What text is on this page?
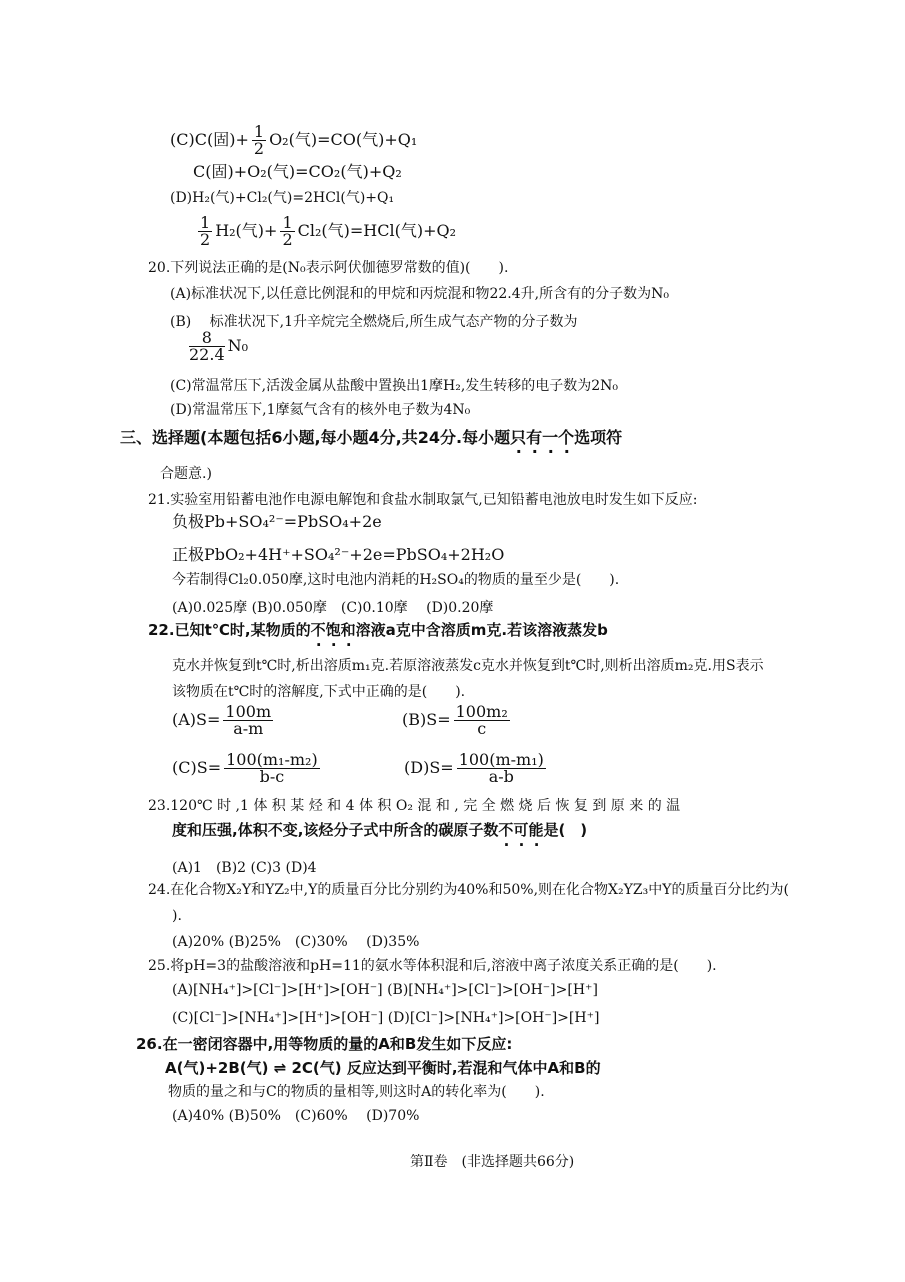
(C)C(固)+ $\frac{1}{2} O_2$(气)=CO(气)+Q₁
C(固)+O₂(气)=CO₂(气)+Q₂
(D)H₂(气)+Cl₂(气)=2HCl(气)+Q₁
$\frac{1}{2} H_2$(气)+ $\frac{1}{2} Cl_2$(气)=HCl(气)+Q₂
20.下列说法正确的是(N₀表示阿伏伽德罗常数的值)(　　).
(A)标准状况下,以任意比例混和的甲烷和丙烷混和物22.4升,所含有的分子数为N₀
(B)　 标准状况下,1升辛烷完全燃烧后,所生成气态产物的分子数为
$\frac{8}{22.4} N_0$
(C)常温常压下,活泼金属从盐酸中置换出1摩H₂,发生转移的电子数为2N₀
(D)常温常压下,1摩氦气含有的核外电子数为4N₀
三、选择题(本题包括6小题,每小题4分,共24分.每小题只有一个选项符
合题意.)
21.实验室用铅蓄电池作电源电解饱和食盐水制取氯气,已知铅蓄电池放电时发生如下反应:
负极Pb+SO₄²⁻=PbSO₄+2e
正极PbO₂+4H⁺+SO₄²⁻+2e=PbSO₄+2H₂O
今若制得Cl₂0.050摩,这时电池内消耗的H₂SO₄的物质的量至少是(　　).
(A)0.025摩 (B)0.050摩　(C)0.10摩　 (D)0.20摩
22.已知t℃时,某物质的不饱和溶液a克中含溶质m克.若该溶液蒸发b
克水并恢复到t℃时,析出溶质m₁克.若原溶液蒸发c克水并恢复到t℃时,则析出溶质m₂克.用S表示
该物质在t℃时的溶解度,下式中正确的是(　　).
$(A)S= \frac{100m}{a-m}$	$(B)S= \frac{\text{100m₂}}{c}$
$(C)S= \frac{\text{100(m₁-m₂)}}{b-c}$	$(D)S= \frac{\text{100(m-m₁)}}{a-b}$
23.120℃ 时 ,1 体 积 某 烃 和 4 体 积 O₂ 混 和 , 完 全 燃 烧 后 恢 复 到 原 来 的 温
度和压强,体积不变,该烃分子式中所含的碳原子数不可能是(　)
(A)1　(B)2 (C)3 (D)4
24.在化合物X₂Y和YZ₂中,Y的质量百分比分别约为40%和50%,则在化合物X₂YZ₃中Y的质量百分比约为(
).
(A)20% (B)25%　(C)30%　 (D)35%
25.将pH=3的盐酸溶液和pH=11的氨水等体积混和后,溶液中离子浓度关系正确的是(　　).
(A)[NH₄⁺]>[Cl⁻]>[H⁺]>[OH⁻] (B)[NH₄⁺]>[Cl⁻]>[OH⁻]>[H⁺]
(C)[Cl⁻]>[NH₄⁺]>[H⁺]>[OH⁻] (D)[Cl⁻]>[NH₄⁺]>[OH⁻]>[H⁺]
26.在一密闭容器中,用等物质的量的A和B发生如下反应:
A(气)+2B(气) ⇌ 2C(气) 反应达到平衡时,若混和气体中A和B的
物质的量之和与C的物质的量相等,则这时A的转化率为(　　).
(A)40% (B)50%　(C)60%　 (D)70%
第Ⅱ卷　(非选择题共66分)
